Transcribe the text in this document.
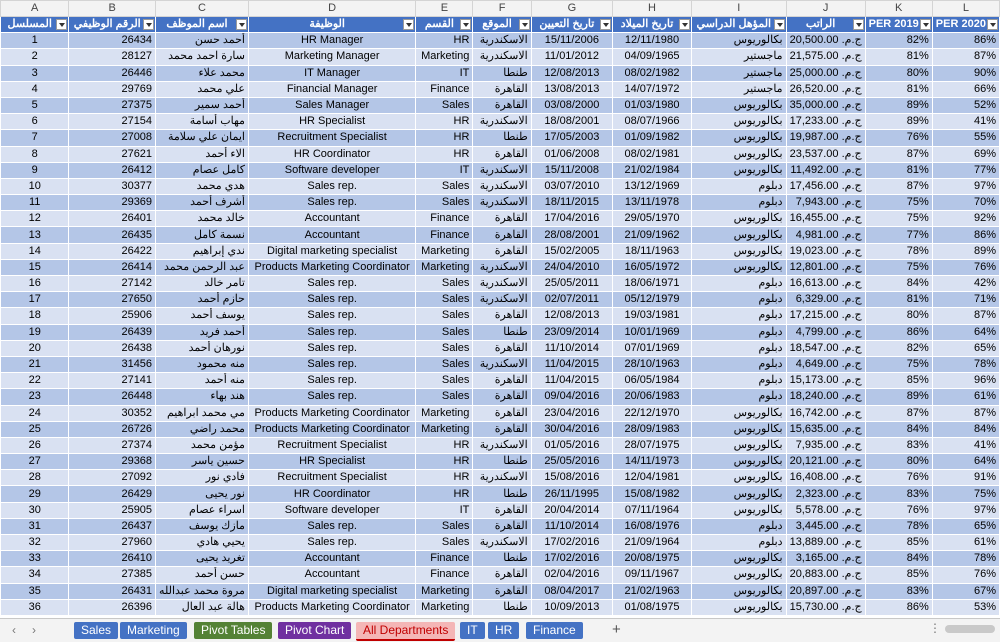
A	B	C	D	E	F	G	H	I	J	K	L
المسلسل	الرقم الوظيفي	اسم الموظف	الوظيفة	القسم	الموقع	تاريخ التعيين	تاريخ الميلاد	المؤهل الدراسي	الراتب	PER 2019	PER 2020

1	26434	أحمد حسن	HR Manager	HR	الاسكندرية	15/11/2006	12/11/1980	بكالوريوس	ج.م. 20,500.00	82%	86%
2	28127	سارة احمد محمد	Marketing Manager	Marketing	الاسكندرية	11/01/2012	04/09/1965	ماجستير	ج.م. 21,575.00	81%	87%
3	26446	محمد علاء	IT Manager	IT	طنطا	12/08/2013	08/02/1982	ماجستير	ج.م. 25,000.00	80%	90%
4	29769	علي محمد	Financial Manager	Finance	القاهرة	13/08/2013	14/07/1972	ماجستير	ج.م. 26,520.00	81%	66%
5	27375	أحمد سمير	Sales Manager	Sales	القاهرة	03/08/2000	01/03/1980	بكالوريوس	ج.م. 35,000.00	89%	52%
6	27154	مهاب أسامة	HR Specialist	HR	الاسكندرية	18/08/2001	08/07/1966	بكالوريوس	ج.م. 17,233.00	89%	41%
7	27008	ايمان علي سلامة	Recruitment Specialist	HR	طنطا	17/05/2003	01/09/1982	بكالوريوس	ج.م. 19,987.00	76%	55%
8	27621	الاء أحمد	HR Coordinator	HR	القاهرة	01/06/2008	08/02/1981	بكالوريوس	ج.م. 23,537.00	87%	69%
9	26412	كامل عصام	Software developer	IT	الاسكندرية	15/11/2008	21/02/1984	بكالوريوس	ج.م. 11,492.00	81%	77%
10	30377	هدي محمد	Sales rep.	Sales	الاسكندرية	03/07/2010	13/12/1969	دبلوم	ج.م. 17,456.00	87%	97%
11	29369	أشرف أحمد	Sales rep.	Sales	الاسكندرية	18/11/2015	13/11/1978	دبلوم	ج.م. 7,943.00	75%	70%
12	26401	خالد محمد	Accountant	Finance	القاهرة	17/04/2016	29/05/1970	بكالوريوس	ج.م. 16,455.00	75%	92%
13	26435	نسمة كامل	Accountant	Finance	القاهرة	28/08/2001	21/09/1962	بكالوريوس	ج.م. 4,981.00	77%	86%
14	26422	ندي إبراهيم	Digital marketing specialist	Marketing	القاهرة	15/02/2005	18/11/1963	بكالوريوس	ج.م. 19,023.00	78%	89%
15	26414	عبد الرحمن محمد	Products Marketing Coordinator	Marketing	الاسكندرية	24/04/2010	16/05/1972	بكالوريوس	ج.م. 12,801.00	75%	76%
16	27142	تامر خالد	Sales rep.	Sales	الاسكندرية	25/05/2011	18/06/1971	دبلوم	ج.م. 16,613.00	84%	42%
17	27650	حازم أحمد	Sales rep.	Sales	الاسكندرية	02/07/2011	05/12/1979	دبلوم	ج.م. 6,329.00	81%	71%
18	25906	يوسف أحمد	Sales rep.	Sales	القاهرة	12/08/2013	19/03/1981	دبلوم	ج.م. 17,215.00	80%	87%
19	26439	أحمد فريد	Sales rep.	Sales	طنطا	23/09/2014	10/01/1969	دبلوم	ج.م. 4,799.00	86%	64%
20	26438	نورهان أحمد	Sales rep.	Sales	القاهرة	11/10/2014	07/01/1969	دبلوم	ج.م. 18,547.00	82%	65%
21	31456	منه محمود	Sales rep.	Sales	الاسكندرية	11/04/2015	28/10/1963	دبلوم	ج.م. 4,649.00	75%	78%
22	27141	منه أحمد	Sales rep.	Sales	القاهرة	11/04/2015	06/05/1984	دبلوم	ج.م. 15,173.00	85%	96%
23	26448	هند بهاء	Sales rep.	Sales	القاهرة	09/04/2016	20/06/1983	دبلوم	ج.م. 18,240.00	89%	61%
24	30352	مي محمد ابراهيم	Products Marketing Coordinator	Marketing	القاهرة	23/04/2016	22/12/1970	بكالوريوس	ج.م. 16,742.00	87%	87%
25	26726	محمد راضي	Products Marketing Coordinator	Marketing	القاهرة	30/04/2016	28/09/1983	بكالوريوس	ج.م. 15,635.00	84%	84%
26	27374	مؤمن محمد	Recruitment Specialist	HR	الاسكندرية	01/05/2016	28/07/1975	بكالوريوس	ج.م. 7,935.00	83%	41%
27	29368	حسين ياسر	HR Specialist	HR	طنطا	25/05/2016	14/11/1973	بكالوريوس	ج.م. 20,121.00	80%	64%
28	27092	فادي نور	Recruitment Specialist	HR	الاسكندرية	15/08/2016	12/04/1981	بكالوريوس	ج.م. 16,408.00	76%	91%
29	26429	نور يحيى	HR Coordinator	HR	طنطا	26/11/1995	15/08/1982	بكالوريوس	ج.م. 2,323.00	83%	75%
30	25905	اسراء عصام	Software developer	IT	القاهرة	20/04/2014	07/11/1964	بكالوريوس	ج.م. 5,578.00	76%	97%
31	26437	مازك يوسف	Sales rep.	Sales	القاهرة	11/10/2014	16/08/1976	دبلوم	ج.م. 3,445.00	78%	65%
32	27960	يحيي هادي	Sales rep.	Sales	الاسكندرية	17/02/2016	21/09/1964	دبلوم	ج.م. 13,889.00	85%	61%
33	26410	تغريد يحيى	Accountant	Finance	طنطا	17/02/2016	20/08/1975	بكالوريوس	ج.م. 3,165.00	84%	78%
34	27385	حسن أحمد	Accountant	Finance	القاهرة	02/04/2016	09/11/1967	بكالوريوس	ج.م. 20,883.00	85%	76%
35	26431	مروة محمد عبدالله	Digital marketing specialist	Marketing	القاهرة	08/04/2017	21/02/1963	بكالوريوس	ج.م. 20,897.00	83%	67%
36	26396	هالة عبد العال	Products Marketing Coordinator	Marketing	طنطا	10/09/2013	01/08/1975	بكالوريوس	ج.م. 15,730.00	86%	53%
‹	›	Sales	Marketing	Pivot Tables	Pivot Chart	All Departments	IT	HR	Finance	+	⋮
